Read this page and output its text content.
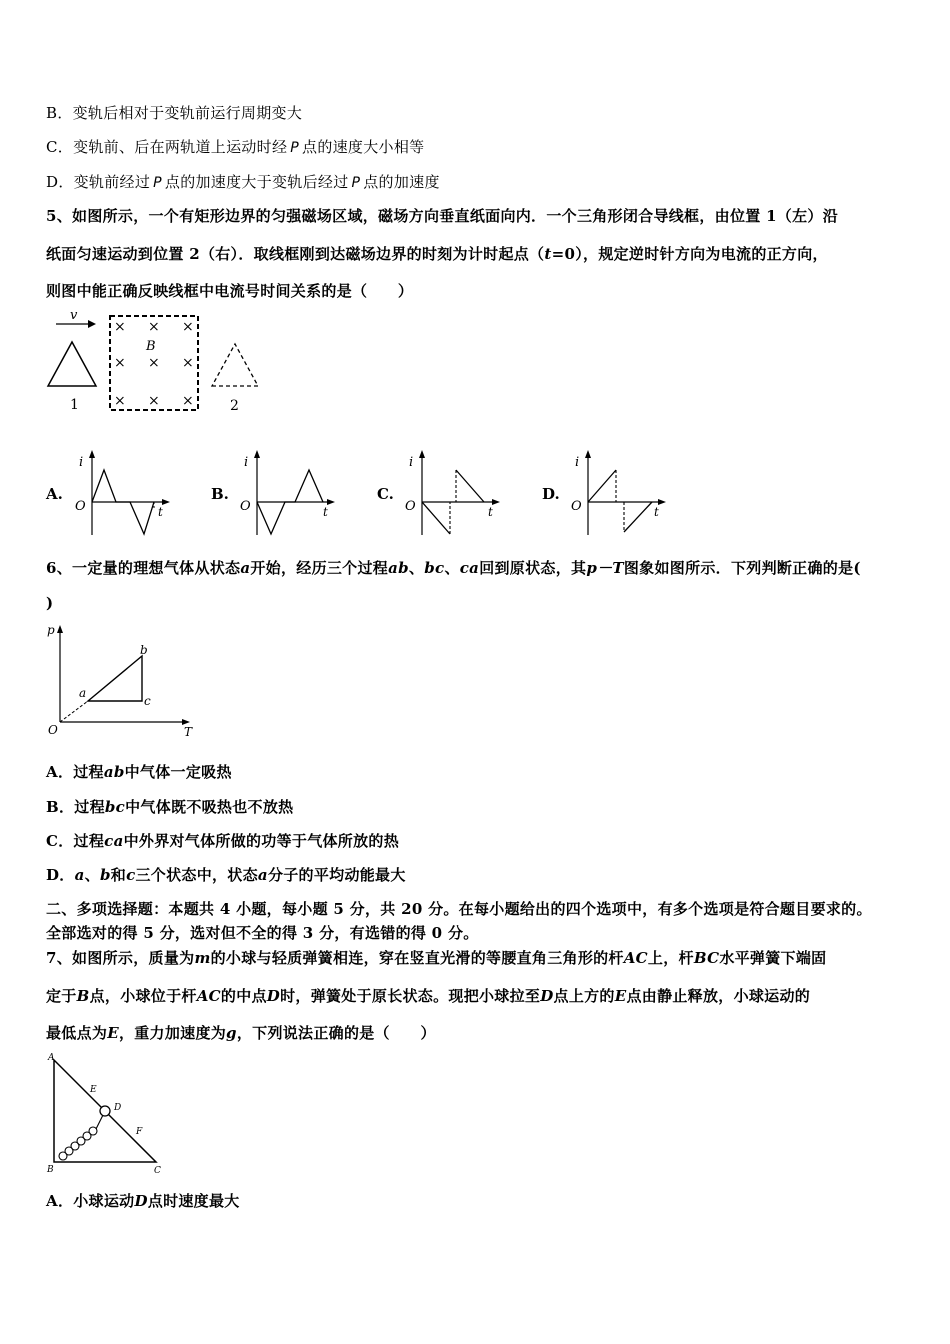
B．变轨后相对于变轨前运行周期变大
C．变轨前、后在两轨道上运动时经 P 点的速度大小相等
D．变轨前经过 P 点的加速度大于变轨后经过 P 点的加速度
5、如图所示，一个有矩形边界的匀强磁场区域，磁场方向垂直纸面向内．一个三角形闭合导线框，由位置 1（左）沿
纸面匀速运动到位置 2（右）．取线框刚到达磁场边界的时刻为计时起点（t=0），规定逆时针方向为电流的正方向，
则图中能正确反映线框中电流号时间关系的是（　　）
v
1
× × ×
× × ×
× × ×
B
2
A.
i
O	t
B.
i
O	t
C.
i
O	t
D.
i
O	t
6、一定量的理想气体从状态a开始，经历三个过程ab、bc、ca回到原状态，其p－T图象如图所示．下列判断正确的是(
)
p
T
O
a
b
c
A．过程ab中气体一定吸热
B．过程bc中气体既不吸热也不放热
C．过程ca中外界对气体所做的功等于气体所放的热
D．a、b和c三个状态中，状态a分子的平均动能最大
二、多项选择题：本题共 4 小题，每小题 5 分，共 20 分。在每小题给出的四个选项中，有多个选项是符合题目要求的。
全部选对的得 5 分，选对但不全的得 3 分，有选错的得 0 分。
7、如图所示，质量为m的小球与轻质弹簧相连，穿在竖直光滑的等腰直角三角形的杆AC上，杆BC水平弹簧下端固
定于B点，小球位于杆AC的中点D时，弹簧处于原长状态。现把小球拉至D点上方的E点由静止释放，小球运动的
最低点为E，重力加速度为g，下列说法正确的是（　　）
A
B	C
D
E
F
A．小球运动D点时速度最大
